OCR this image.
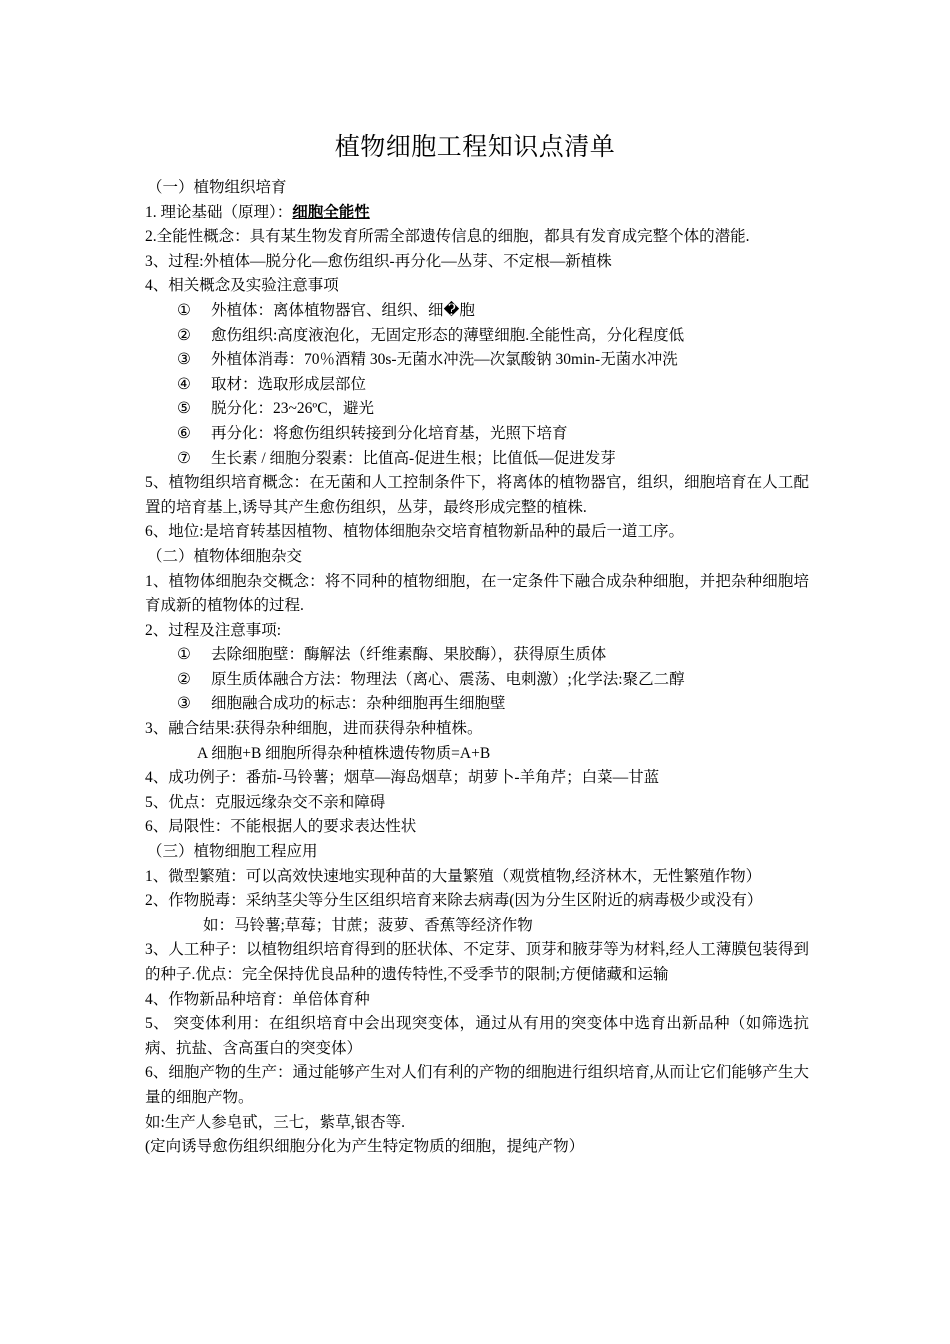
植物细胞工程知识点清单
（一）植物组织培育
1. 理论基础（原理）：细胞全能性
2.全能性概念：具有某生物发育所需全部遗传信息的细胞，都具有发育成完整个体的潜能.
3、过程:外植体—脱分化—愈伤组织-再分化—丛芽、不定根—新植株
4、相关概念及实验注意事项
① 外植体：离体植物器官、组织、细�胞
② 愈伤组织:高度液泡化，无固定形态的薄壁细胞.全能性高，分化程度低
③ 外植体消毒：70％酒精 30s-无菌水冲洗—次氯酸钠 30min-无菌水冲洗
④ 取材：选取形成层部位
⑤ 脱分化：23~26ºC，避光
⑥ 再分化：将愈伤组织转接到分化培育基，光照下培育
⑦ 生长素 / 细胞分裂素：比值高-促进生根；比值低—促进发芽
5、植物组织培育概念：在无菌和人工控制条件下，将离体的植物器官，组织，细胞培育在人工配置的培育基上,诱导其产生愈伤组织，丛芽，最终形成完整的植株.
6、地位:是培育转基因植物、植物体细胞杂交培育植物新品种的最后一道工序。
（二）植物体细胞杂交
1、植物体细胞杂交概念：将不同种的植物细胞，在一定条件下融合成杂种细胞，并把杂种细胞培育成新的植物体的过程.
2、过程及注意事项:
① 去除细胞壁：酶解法（纤维素酶、果胶酶），获得原生质体
② 原生质体融合方法：物理法（离心、震荡、电刺激）;化学法:聚乙二醇
③ 细胞融合成功的标志：杂种细胞再生细胞壁
3、融合结果:获得杂种细胞，进而获得杂种植株。
A 细胞+B 细胞所得杂种植株遗传物质=A+B
4、成功例子：番茄-马铃薯；烟草—海岛烟草；胡萝卜-羊角芹；白菜—甘蓝
5、优点：克服远缘杂交不亲和障碍
6、局限性：不能根据人的要求表达性状
（三）植物细胞工程应用
1、微型繁殖：可以高效快速地实现种苗的大量繁殖（观赏植物,经济林木，无性繁殖作物）
2、作物脱毒：采纳茎尖等分生区组织培育来除去病毒(因为分生区附近的病毒极少或没有）
如：马铃薯;草莓；甘蔗；菠萝、香蕉等经济作物
3、人工种子：以植物组织培育得到的胚状体、不定芽、顶芽和腋芽等为材料,经人工薄膜包装得到的种子.优点：完全保持优良品种的遗传特性,不受季节的限制;方便储藏和运输
4、作物新品种培育：单倍体育种
5、 突变体利用：在组织培育中会出现突变体，通过从有用的突变体中选育出新品种（如筛选抗病、抗盐、含高蛋白的突变体）
6、细胞产物的生产：通过能够产生对人们有利的产物的细胞进行组织培育,从而让它们能够产生大量的细胞产物。
如:生产人参皂甙，三七，紫草,银杏等.
(定向诱导愈伤组织细胞分化为产生特定物质的细胞，提纯产物）
